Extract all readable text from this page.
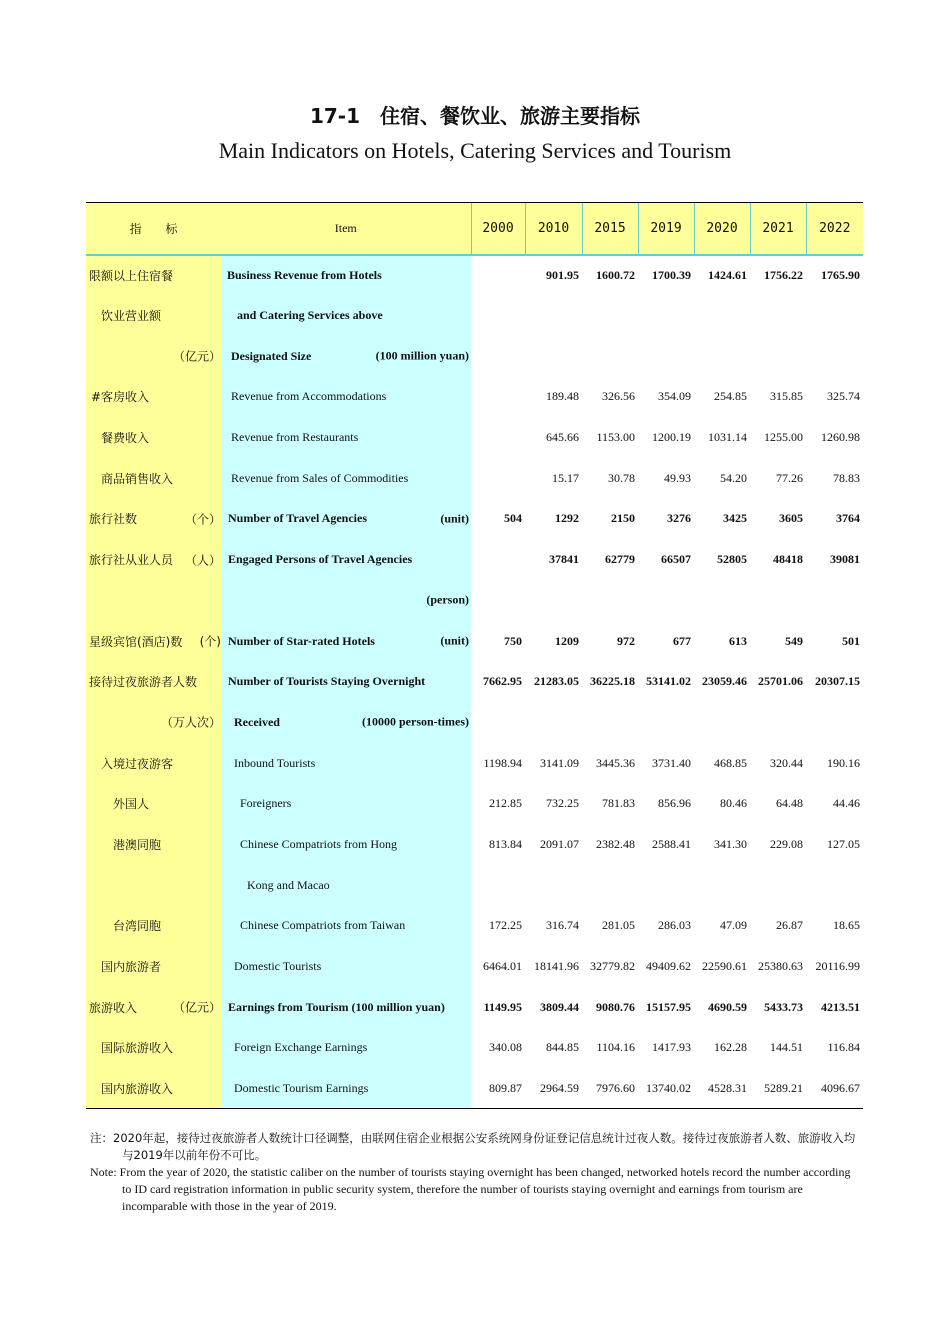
17-1　住宿、餐饮业、旅游主要指标
Main Indicators on Hotels, Catering Services and Tourism
指　　标	Item	2000	2010	2015	2019	2020	2021	2022
限额以上住宿餐	Business Revenue from Hotels		901.95	1600.72	1700.39	1424.61	1756.22	1765.90
饮业营业额	and Catering Services above

（亿元）	Designated Size (100 million yuan)							

#客房收入	Revenue from Accommodations		189.48	326.56	354.09	254.85	315.85	325.74
餐费收入	Revenue from Restaurants		645.66	1153.00	1200.19	1031.14	1255.00	1260.98
商品销售收入	Revenue from Sales of Commodities		15.17	30.78	49.93	54.20	77.26	78.83
旅行社数 （个）	Number of Travel Agencies (unit)	504	1292	2150	3276	3425	3605	3764
旅行社从业人员 （人）	Engaged Persons of Travel Agencies		37841	62779	66507	52805	48418	39081

	(person)							

星级宾馆(酒店)数 (个)	Number of Star-rated Hotels (unit)	750	1209	972	677	613	549	501
接待过夜旅游者人数	Number of Tourists Staying Overnight	7662.95	21283.05	36225.18	53141.02	23059.46	25701.06	20307.15

（万人次）	Received (10000 person-times)							

入境过夜游客	Inbound Tourists	1198.94	3141.09	3445.36	3731.40	468.85	320.44	190.16
外国人	Foreigners	212.85	732.25	781.83	856.96	80.46	64.48	44.46
港澳同胞	Chinese Compatriots from Hong	813.84	2091.07	2382.48	2588.41	341.30	229.08	127.05

	Kong and Macao

台湾同胞	Chinese Compatriots from Taiwan	172.25	316.74	281.05	286.03	47.09	26.87	18.65
国内旅游者	Domestic Tourists	6464.01	18141.96	32779.82	49409.62	22590.61	25380.63	20116.99
旅游收入 （亿元）	Earnings from Tourism (100 million yuan)	1149.95	3809.44	9080.76	15157.95	4690.59	5433.73	4213.51
国际旅游收入	Foreign Exchange Earnings	340.08	844.85	1104.16	1417.93	162.28	144.51	116.84
国内旅游收入	Domestic Tourism Earnings	809.87	2964.59	7976.60	13740.02	4528.31	5289.21	4096.67
注：2020年起，接待过夜旅游者人数统计口径调整，由联网住宿企业根据公安系统网身份证登记信息统计过夜人数。接待过夜旅游者人数、旅游收入均与2019年以前年份不可比。
Note: From the year of 2020, the statistic caliber on the number of tourists staying overnight has been changed, networked hotels record the number according to ID card registration information in public security system, therefore the number of tourists staying overnight and earnings from tourism are incomparable with those in the year of 2019.
